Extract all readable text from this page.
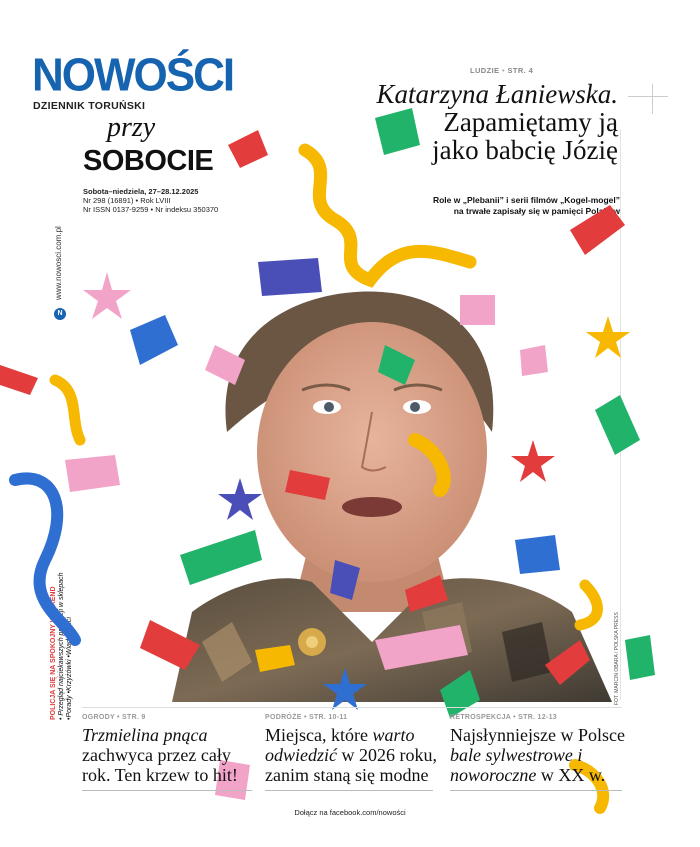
NOWOŚCI
DZIENNIK TORUŃSKI
przy
SOBOCIE
Sobota–niedziela, 27–28.12.2025
Nr 298 (16891) • Rok LVIII
Nr ISSN 0137-9259 • Nr indeksu 350370
LUDZIE • STR. 4
Katarzyna Łaniewska.
Zapamiętamy ją
jako babcię Józię
Role w „Plebanii” i serii filmów „Kogel-mogel”
na trwałe zapisały się w pamięci Polaków
N
www.nowosci.com.pl
POLICJA SIĘ NA SPOKOJNY WEEKEND • Przegląd najciekawszych promocji w sklepach •Porady •Krzyżówki •Wiadomości	FOT. MARCIN OBARA / POLSKA PRESS
OGRODY • STR. 9
Trzmielina pnąca zachwyca przez cały rok. Ten krzew to hit!
PODRÓŻE • STR. 10-11
Miejsca, które warto odwiedzić w 2026 roku, zanim staną się modne
RETROSPEKCJA • STR. 12-13
Najsłynniejsze w Polsce bale sylwestrowe i noworoczne w XX w.
Dołącz na facebook.com/nowości
